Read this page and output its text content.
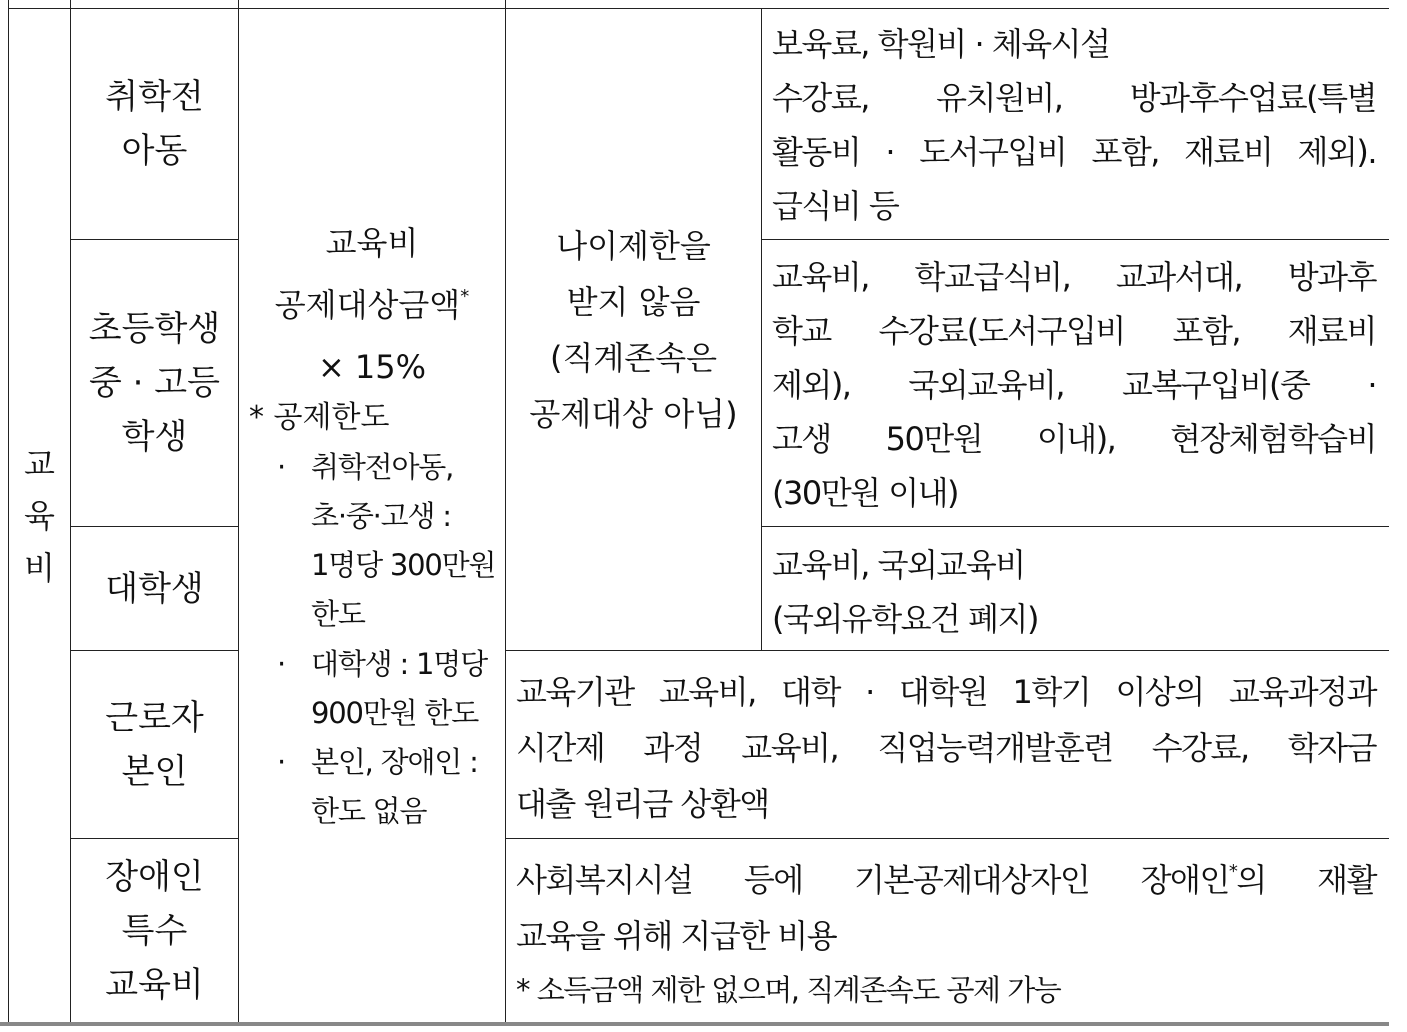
교
육
비
취학전
아동
초등학생
중 · 고등
학생
대학생
근로자
본인
장애인
특수
교육비
교육비
공제대상금액*
× 15%
* 공제한도
· 취학전아동,
초·중·고생 :
1명당 300만원
한도
· 대학생 : 1명당
900만원 한도
· 본인, 장애인 :
한도 없음
나이제한을
받지 않음
(직계존속은
공제대상 아님)
보육료, 학원비 · 체육시설
수강료, 유치원비, 방과후수업료(특별
활동비 · 도서구입비 포함, 재료비 제외).
급식비 등
교육비, 학교급식비, 교과서대, 방과후
학교 수강료(도서구입비 포함, 재료비
제외), 국외교육비, 교복구입비(중 ·
고생 50만원 이내), 현장체험학습비
(30만원 이내)
교육비, 국외교육비
(국외유학요건 폐지)
교육기관 교육비, 대학 · 대학원 1학기 이상의 교육과정과
시간제 과정 교육비, 직업능력개발훈련 수강료, 학자금
대출 원리금 상환액
사회복지시설 등에 기본공제대상자인 장애인*의 재활
교육을 위해 지급한 비용
* 소득금액 제한 없으며, 직계존속도 공제 가능
